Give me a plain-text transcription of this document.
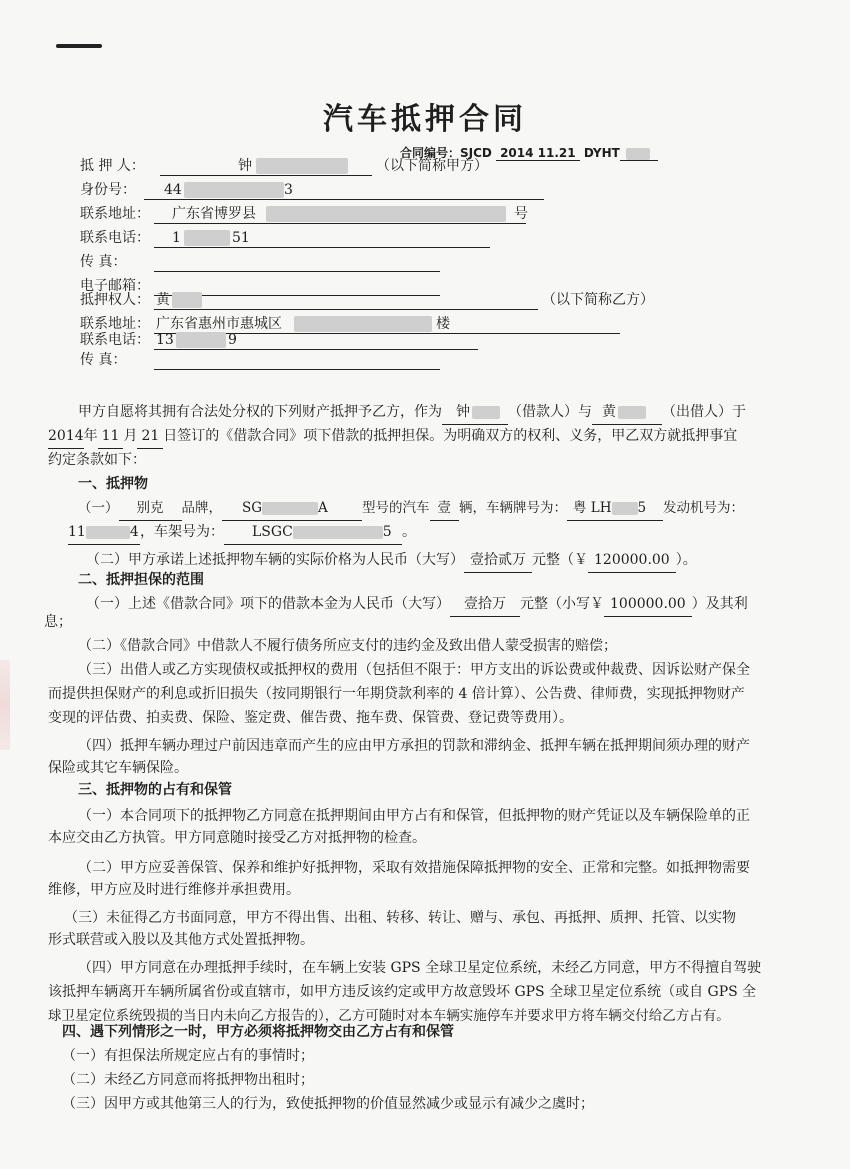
汽车抵押合同
合同编号：SJCD 2014 11.21 DYHT
抵 押 人：	钟	（以下简称甲方）
身份号： 44	3
联系地址： 广东省博罗县	号
联系电话： 1	51
传 真：
电子邮箱：
抵押权人： 黄	（以下简称乙方）
联系地址： 广东省惠州市惠城区	楼
联系电话： 13	9
传 真：
甲方自愿将其拥有合法处分权的下列财产抵押予乙方，作为 钟	（借款人）与 黄	（出借人）于
2014年 11 月 21 日签订的《借款合同》项下借款的抵押担保。为明确双方的权利、义务，甲乙双方就抵押事宜
约定条款如下：
一、抵押物
（一） 别克 品牌， SG	A	型号的汽车 壹 辆，车辆牌号为： 粤 LH 5 发动机号为：
11	4，车架号为： LSGC	5 。
（二）甲方承诺上述抵押物车辆的实际价格为人民币（大写） 壹拾贰万 元整（￥ 120000.00 ）。
二、抵押担保的范围
（一）上述《借款合同》项下的借款本金为人民币（大写） 壹拾万 元整（小写￥ 100000.00 ）及其利
息；
（二）《借款合同》中借款人不履行债务所应支付的违约金及致出借人蒙受损害的赔偿；
（三）出借人或乙方实现债权或抵押权的费用（包括但不限于：甲方支出的诉讼费或仲裁费、因诉讼财产保全
而提供担保财产的利息或折旧损失（按同期银行一年期贷款利率的 4 倍计算）、公告费、律师费，实现抵押物财产
变现的评估费、拍卖费、保险、鉴定费、催告费、拖车费、保管费、登记费等费用）。
（四）抵押车辆办理过户前因违章而产生的应由甲方承担的罚款和滞纳金、抵押车辆在抵押期间须办理的财产
保险或其它车辆保险。
三、抵押物的占有和保管
（一）本合同项下的抵押物乙方同意在抵押期间由甲方占有和保管，但抵押物的财产凭证以及车辆保险单的正
本应交由乙方执管。甲方同意随时接受乙方对抵押物的检查。
（二）甲方应妥善保管、保养和维护好抵押物，采取有效措施保障抵押物的安全、正常和完整。如抵押物需要
维修，甲方应及时进行维修并承担费用。
（三）未征得乙方书面同意，甲方不得出售、出租、转移、转让、赠与、承包、再抵押、质押、托管、以实物
形式联营或入股以及其他方式处置抵押物。
（四）甲方同意在办理抵押手续时，在车辆上安装 GPS 全球卫星定位系统，未经乙方同意，甲方不得擅自驾驶
该抵押车辆离开车辆所属省份或直辖市，如甲方违反该约定或甲方故意毁坏 GPS 全球卫星定位系统（或自 GPS 全
球卫星定位系统毁损的当日内未向乙方报告的），乙方可随时对本车辆实施停车并要求甲方将车辆交付给乙方占有。
四、遇下列情形之一时，甲方必须将抵押物交由乙方占有和保管
（一）有担保法所规定应占有的事情时；
（二）未经乙方同意而将抵押物出租时；
（三）因甲方或其他第三人的行为，致使抵押物的价值显然减少或显示有减少之虞时；
